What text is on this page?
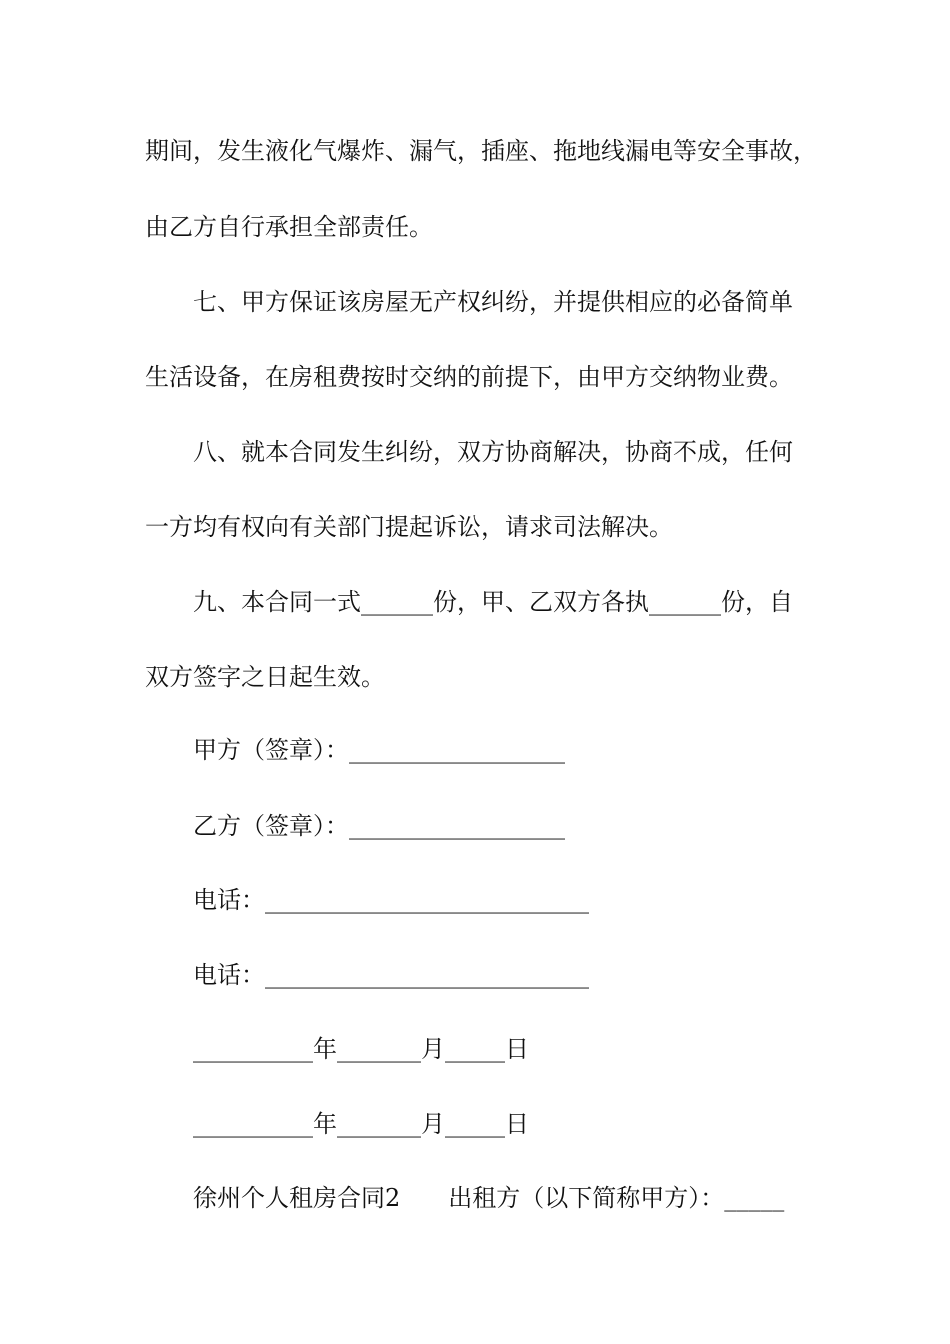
期间，发生液化气爆炸、漏气，插座、拖地线漏电等安全事故，
由乙方自行承担全部责任。
七、甲方保证该房屋无产权纠纷，并提供相应的必备简单
生活设备，在房租费按时交纳的前提下，由甲方交纳物业费。
八、就本合同发生纠纷，双方协商解决，协商不成，任何
一方均有权向有关部门提起诉讼，请求司法解决。
九、本合同一式______份，甲、乙双方各执______份，自
双方签字之日起生效。
甲方（签章）：__________________
乙方（签章）：__________________
电话：___________________________
电话：___________________________
__________年_______月_____日
__________年_______月_____日
徐州个人租房合同2　　出租方（以下简称甲方）：_____
